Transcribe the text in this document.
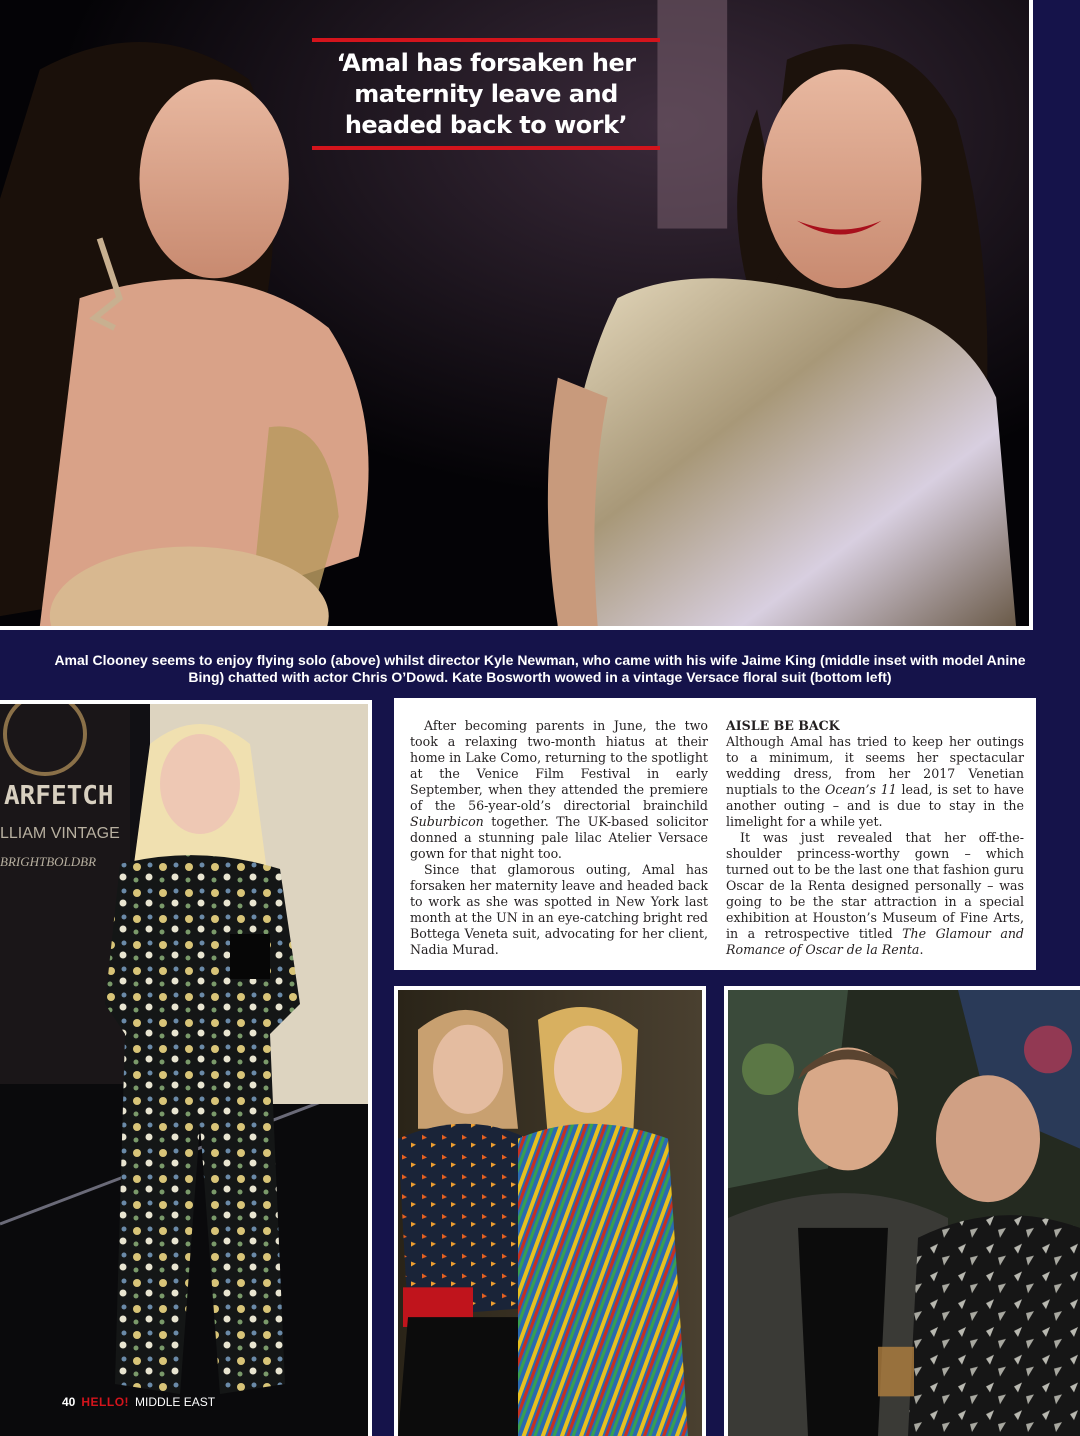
‘Amal has forsaken her maternity leave and headed back to work’
Amal Clooney seems to enjoy flying solo (above) whilst director Kyle Newman, who came with his wife Jaime King (middle inset with model Anine Bing) chatted with actor Chris O’Dowd. Kate Bosworth wowed in a vintage Versace floral suit (bottom left)
ARFETCH
LLIAM VINTAGE
BRIGHTBOLDBR

After becoming parents in June, the two took a relaxing two-month hiatus at their home in Lake Como, returning to the spotlight at the Venice Film Festival in early September, when they attended the premiere of the 56-year-old’s directorial brainchild Suburbicon together. The UK-based solicitor donned a stunning pale lilac Atelier Versace gown for that night too.

Since that glamorous outing, Amal has forsaken her maternity leave and headed back to work as she was spotted in New York last month at the UN in an eye-catching bright red Bottega Veneta suit, advocating for her client, Nadia Murad.

AISLE BE BACK

Although Amal has tried to keep her outings to a minimum, it seems her spectacular wedding dress, from her 2017 Venetian nuptials to the Ocean’s 11 lead, is set to have another outing – and is due to stay in the limelight for a while yet.

It was just revealed that her off-the-shoulder princess-worthy gown – which turned out to be the last one that fashion guru Oscar de la Renta designed personally – was going to be the star attraction in a special exhibition at Houston’s Museum of Fine Arts, in a retrospective titled The Glamour and Romance of Oscar de la Renta.

40 HELLO! MIDDLE EAST
